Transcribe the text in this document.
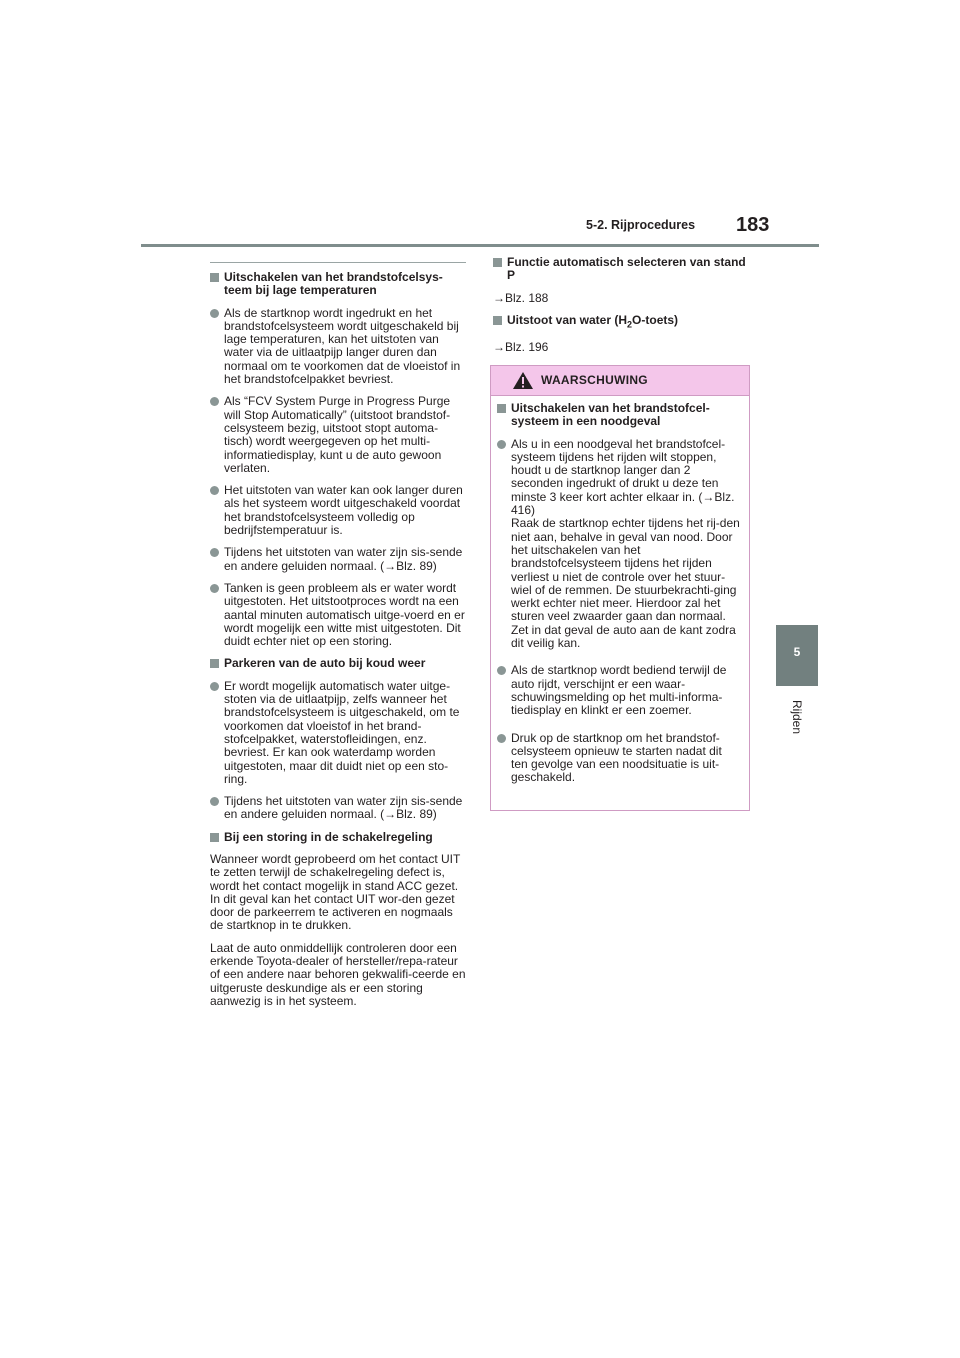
5-2. Rijprocedures 183
5
Rijden
Uitschakelen van het brandstofcelsys-teem bij lage temperaturen
Als de startknop wordt ingedrukt en het brandstofcelsysteem wordt uitgeschakeld bij lage temperaturen, kan het uitstoten van water via de uitlaatpijp langer duren dan normaal om te voorkomen dat de vloeistof in het brandstofcelpakket bevriest.
Als “FCV System Purge in Progress Purge will Stop Automatically” (uitstoot brandstof-celsysteem bezig, uitstoot stopt automa-tisch) wordt weergegeven op het multi-informatiedisplay, kunt u de auto gewoon verlaten.
Het uitstoten van water kan ook langer duren als het systeem wordt uitgeschakeld voordat het brandstofcelsysteem volledig op bedrijfstemperatuur is.
Tijdens het uitstoten van water zijn sis-sende en andere geluiden normaal. (→Blz. 89)
Tanken is geen probleem als er water wordt uitgestoten. Het uitstootproces wordt na een aantal minuten automatisch uitge-voerd en er wordt mogelijk een witte mist uitgestoten. Dit duidt echter niet op een storing.
Parkeren van de auto bij koud weer
Er wordt mogelijk automatisch water uitge-stoten via de uitlaatpijp, zelfs wanneer het brandstofcelsysteem is uitgeschakeld, om te voorkomen dat vloeistof in het brand-stofcelpakket, waterstofleidingen, enz. bevriest. Er kan ook waterdamp worden uitgestoten, maar dit duidt niet op een sto-ring.
Tijdens het uitstoten van water zijn sis-sende en andere geluiden normaal. (→Blz. 89)
Bij een storing in de schakelregeling

Wanneer wordt geprobeerd om het contact UIT te zetten terwijl de schakelregeling defect is, wordt het contact mogelijk in stand ACC gezet. In dit geval kan het contact UIT wor-den gezet door de parkeerrem te activeren en nogmaals de startknop in te drukken.

Laat de auto onmiddellijk controleren door een erkende Toyota-dealer of hersteller/repa-rateur of een andere naar behoren gekwalifi-ceerde en uitgeruste deskundige als er een storing aanwezig is in het systeem.

Functie automatisch selecteren van stand P

→Blz. 188

Uitstoot van water $(H_2O-toets)$

→Blz. 196

WAARSCHUWING
Uitschakelen van het brandstofcel-systeem in een noodgeval
Als u in een noodgeval het brandstofcel-systeem tijdens het rijden wilt stoppen, houdt u de startknop langer dan 2 seconden ingedrukt of drukt u deze ten minste 3 keer kort achter elkaar in. (→Blz. 416)
Raak de startknop echter tijdens het rij-den niet aan, behalve in geval van nood. Door het uitschakelen van het brandstofcelsysteem tijdens het rijden verliest u niet de controle over het stuur-wiel of de remmen. De stuurbekrachti-ging werkt echter niet meer. Hierdoor zal het sturen veel zwaarder gaan dan normaal. Zet in dat geval de auto aan de kant zodra dit veilig kan.
Als de startknop wordt bediend terwijl de auto rijdt, verschijnt er een waar-schuwingsmelding op het multi-informa-tiedisplay en klinkt er een zoemer.
Druk op de startknop om het brandstof-celsysteem opnieuw te starten nadat dit ten gevolge van een noodsituatie is uit-geschakeld.
